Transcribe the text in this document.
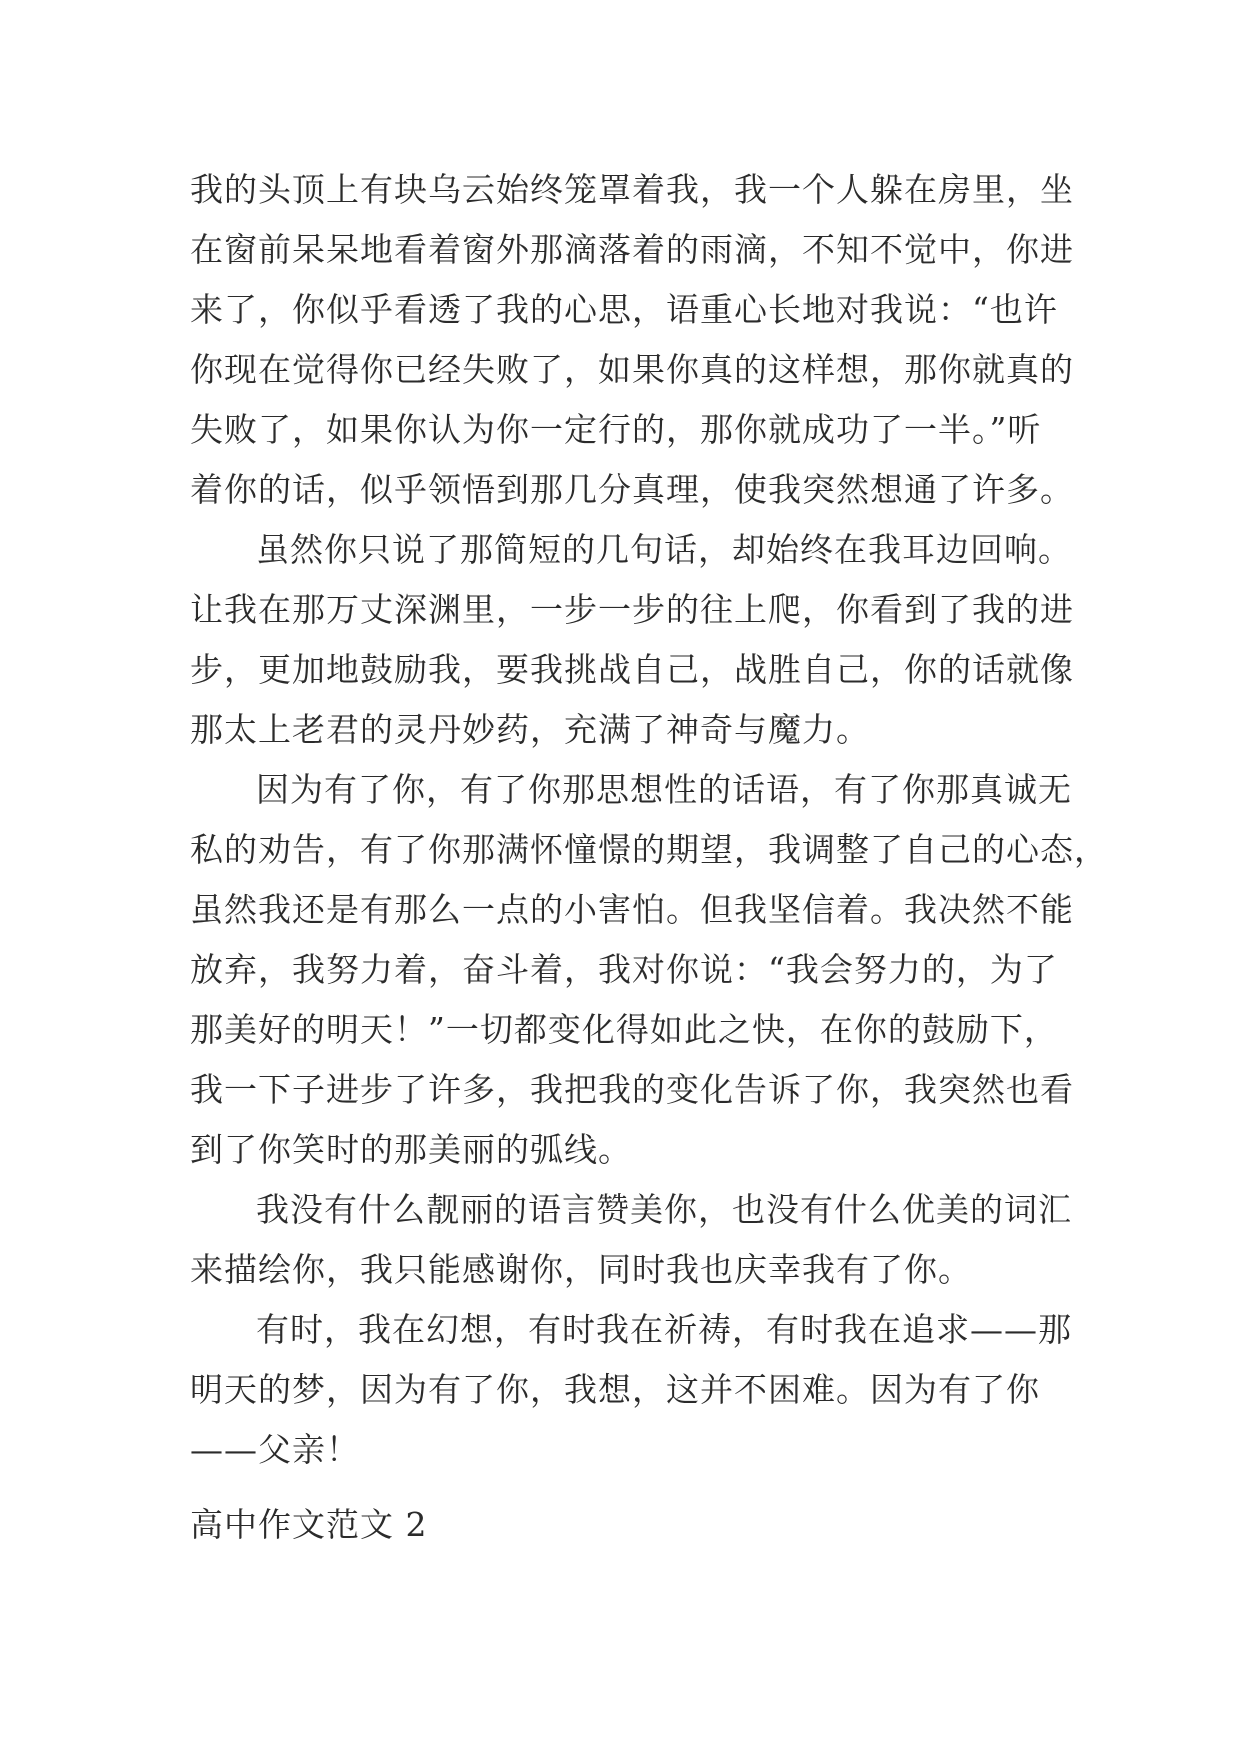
我的头顶上有块乌云始终笼罩着我，我一个人躲在房里，坐
在窗前呆呆地看着窗外那滴落着的雨滴，不知不觉中，你进
来了，你似乎看透了我的心思，语重心长地对我说：“也许
你现在觉得你已经失败了，如果你真的这样想，那你就真的
失败了，如果你认为你一定行的，那你就成功了一半。”听
着你的话，似乎领悟到那几分真理，使我突然想通了许多。
虽然你只说了那简短的几句话，却始终在我耳边回响。
让我在那万丈深渊里，一步一步的往上爬，你看到了我的进
步，更加地鼓励我，要我挑战自己，战胜自己，你的话就像
那太上老君的灵丹妙药，充满了神奇与魔力。
因为有了你，有了你那思想性的话语，有了你那真诚无
私的劝告，有了你那满怀憧憬的期望，我调整了自己的心态，
虽然我还是有那么一点的小害怕。但我坚信着。我决然不能
放弃，我努力着，奋斗着，我对你说：“我会努力的，为了
那美好的明天！”一切都变化得如此之快，在你的鼓励下，
我一下子进步了许多，我把我的变化告诉了你，我突然也看
到了你笑时的那美丽的弧线。
我没有什么靓丽的语言赞美你，也没有什么优美的词汇
来描绘你，我只能感谢你，同时我也庆幸我有了你。
有时，我在幻想，有时我在祈祷，有时我在追求——那
明天的梦，因为有了你，我想，这并不困难。因为有了你
——父亲！
高中作文范文 2
